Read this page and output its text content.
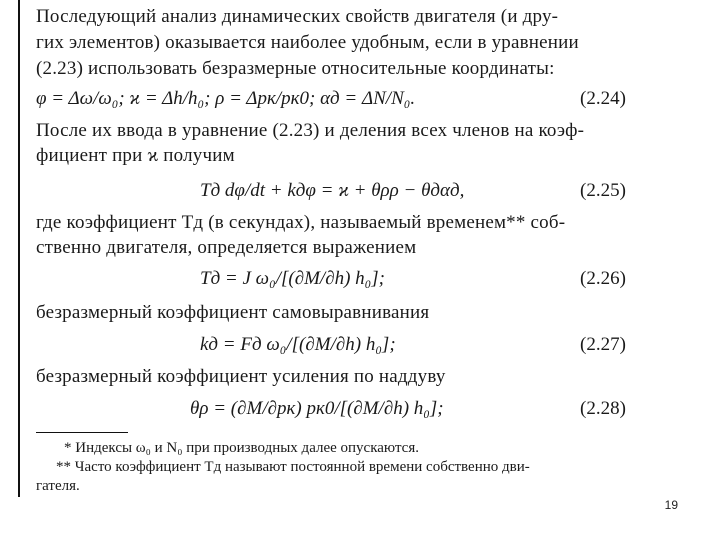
Последующий анализ динамических свойств двигателя (и дру-
гих элементов) оказывается наиболее удобным, если в уравнении
(2.23) использовать безразмерные относительные координаты:
φ = Δω/ω₀; ϰ = Δh/h₀; ρ = Δpк/pк0; αд = ΔN/N₀.	(2.24)
После их ввода в уравнение (2.23) и деления всех членов на коэф-
фициент при ϰ получим
Tд dφ/dt + kдφ = ϰ + θρρ − θдαд,	(2.25)
где коэффициент Tд (в секундах), называемый временем** соб-
ственно двигателя, определяется выражением
Tд = J ω₀/[(∂M/∂h) h₀];	(2.26)
безразмерный коэффициент самовыравнивания
kд = Fд ω₀/[(∂M/∂h) h₀];	(2.27)
безразмерный коэффициент усиления по наддуву
θρ = (∂M/∂pк) pк0/[(∂M/∂h) h₀];	(2.28)
* Индексы ω₀ и N₀ при производных далее опускаются.
** Часто коэффициент Tд называют постоянной времени собственно дви-
гателя.
19
